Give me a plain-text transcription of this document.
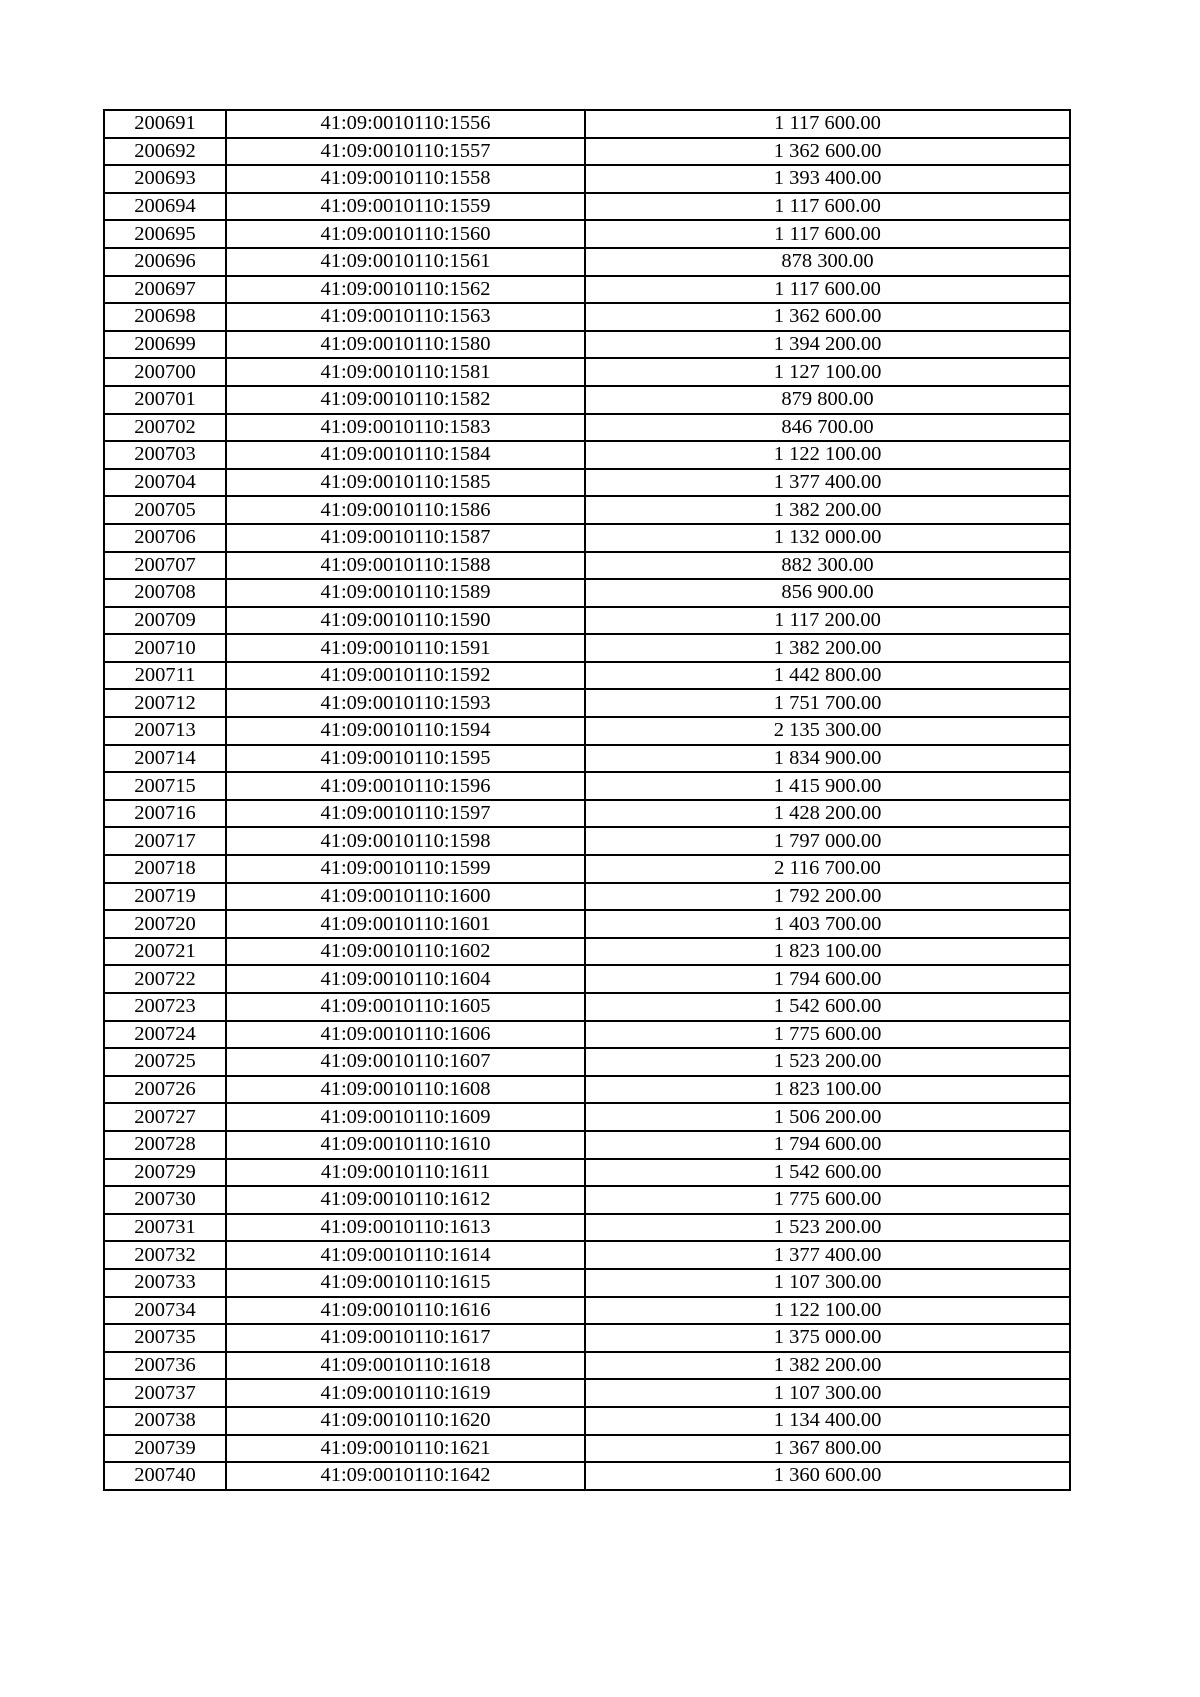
200691	41:09:0010110:1556	1 117 600.00
200692	41:09:0010110:1557	1 362 600.00
200693	41:09:0010110:1558	1 393 400.00
200694	41:09:0010110:1559	1 117 600.00
200695	41:09:0010110:1560	1 117 600.00
200696	41:09:0010110:1561	878 300.00
200697	41:09:0010110:1562	1 117 600.00
200698	41:09:0010110:1563	1 362 600.00
200699	41:09:0010110:1580	1 394 200.00
200700	41:09:0010110:1581	1 127 100.00
200701	41:09:0010110:1582	879 800.00
200702	41:09:0010110:1583	846 700.00
200703	41:09:0010110:1584	1 122 100.00
200704	41:09:0010110:1585	1 377 400.00
200705	41:09:0010110:1586	1 382 200.00
200706	41:09:0010110:1587	1 132 000.00
200707	41:09:0010110:1588	882 300.00
200708	41:09:0010110:1589	856 900.00
200709	41:09:0010110:1590	1 117 200.00
200710	41:09:0010110:1591	1 382 200.00
200711	41:09:0010110:1592	1 442 800.00
200712	41:09:0010110:1593	1 751 700.00
200713	41:09:0010110:1594	2 135 300.00
200714	41:09:0010110:1595	1 834 900.00
200715	41:09:0010110:1596	1 415 900.00
200716	41:09:0010110:1597	1 428 200.00
200717	41:09:0010110:1598	1 797 000.00
200718	41:09:0010110:1599	2 116 700.00
200719	41:09:0010110:1600	1 792 200.00
200720	41:09:0010110:1601	1 403 700.00
200721	41:09:0010110:1602	1 823 100.00
200722	41:09:0010110:1604	1 794 600.00
200723	41:09:0010110:1605	1 542 600.00
200724	41:09:0010110:1606	1 775 600.00
200725	41:09:0010110:1607	1 523 200.00
200726	41:09:0010110:1608	1 823 100.00
200727	41:09:0010110:1609	1 506 200.00
200728	41:09:0010110:1610	1 794 600.00
200729	41:09:0010110:1611	1 542 600.00
200730	41:09:0010110:1612	1 775 600.00
200731	41:09:0010110:1613	1 523 200.00
200732	41:09:0010110:1614	1 377 400.00
200733	41:09:0010110:1615	1 107 300.00
200734	41:09:0010110:1616	1 122 100.00
200735	41:09:0010110:1617	1 375 000.00
200736	41:09:0010110:1618	1 382 200.00
200737	41:09:0010110:1619	1 107 300.00
200738	41:09:0010110:1620	1 134 400.00
200739	41:09:0010110:1621	1 367 800.00
200740	41:09:0010110:1642	1 360 600.00
